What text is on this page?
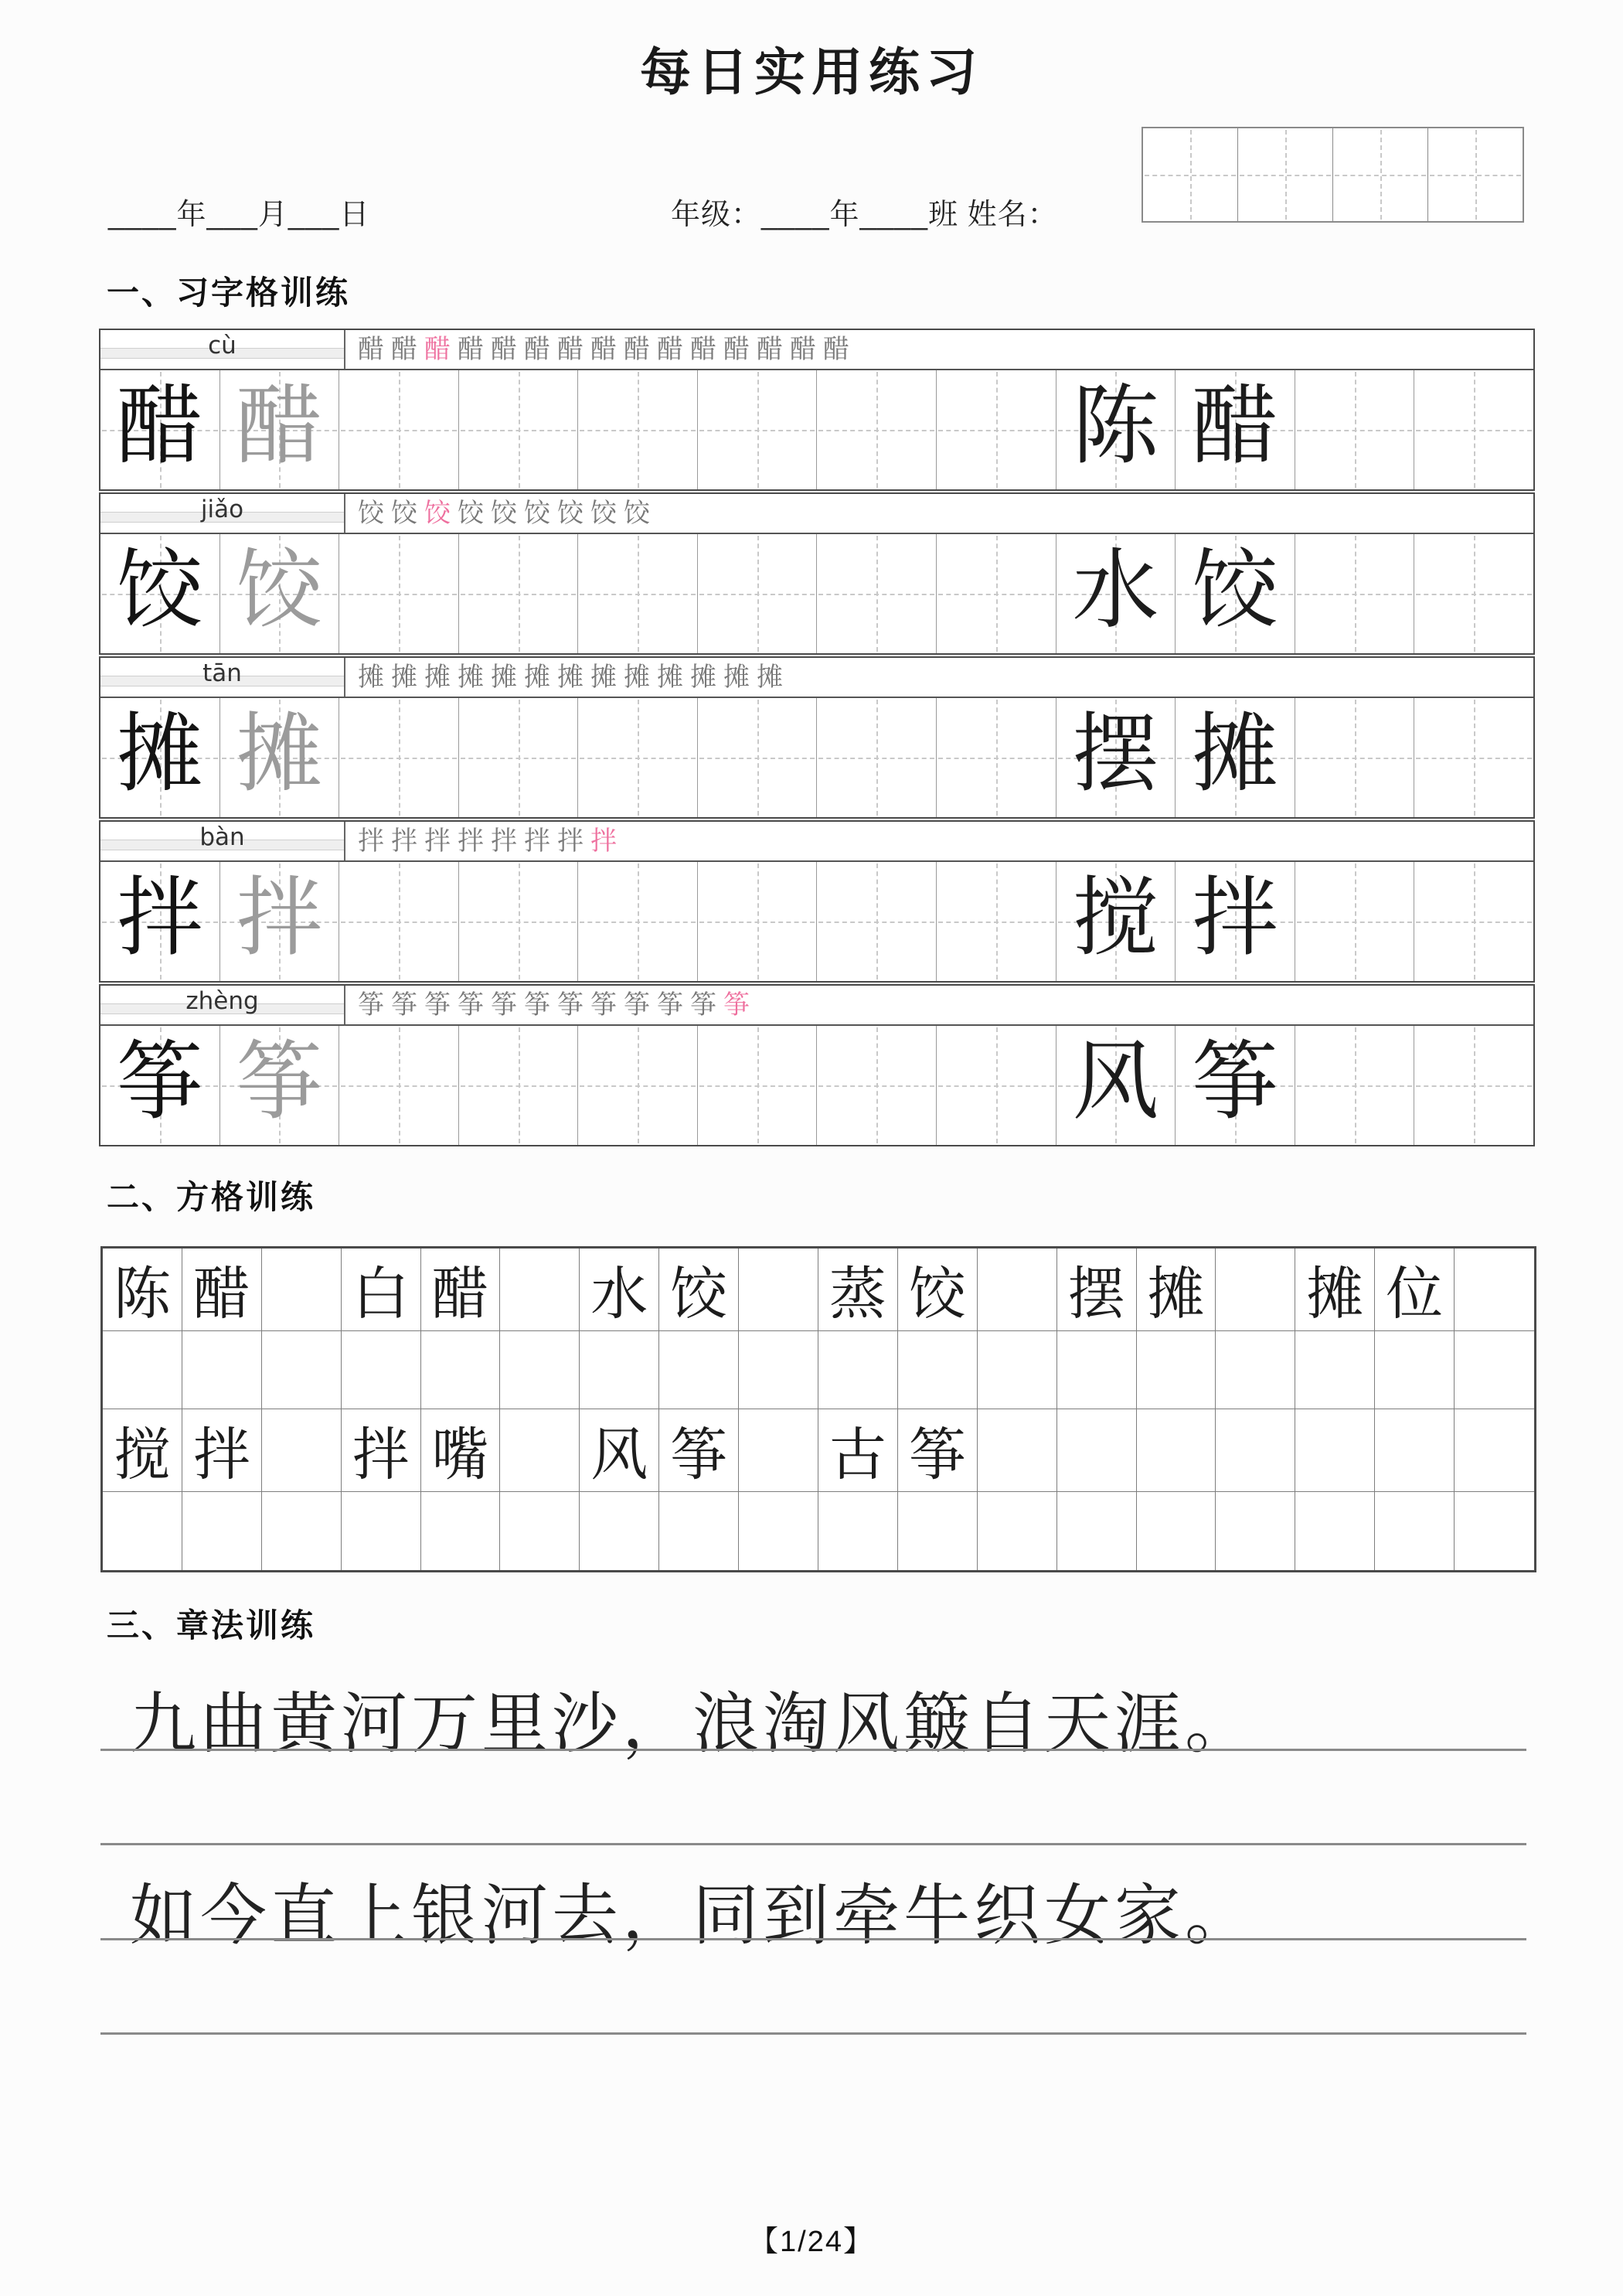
每日实用练习
____年___月___日	年级：____年____班 姓名：
一、习字格训练
cù	醋 醋 醋 醋 醋 醋 醋 醋 醋 醋 醋 醋 醋 醋 醋
醋 醋	陈 醋
jiǎo	饺 饺 饺 饺 饺 饺 饺 饺 饺
饺 饺	水 饺
tān	摊 摊 摊 摊 摊 摊 摊 摊 摊 摊 摊 摊 摊
摊 摊	摆 摊
bàn	拌 拌 拌 拌 拌 拌 拌 拌
拌 拌	搅 拌
zhèng	筝 筝 筝 筝 筝 筝 筝 筝 筝 筝 筝 筝
筝 筝	风 筝
二、方格训练
陈 醋 白 醋 水 饺 蒸 饺 摆 摊 摊 位
搅 拌 拌 嘴 风 筝 古 筝
三、章法训练
九曲黄河万里沙，浪淘风簸自天涯。
如今直上银河去，同到牵牛织女家。
【1/24】
